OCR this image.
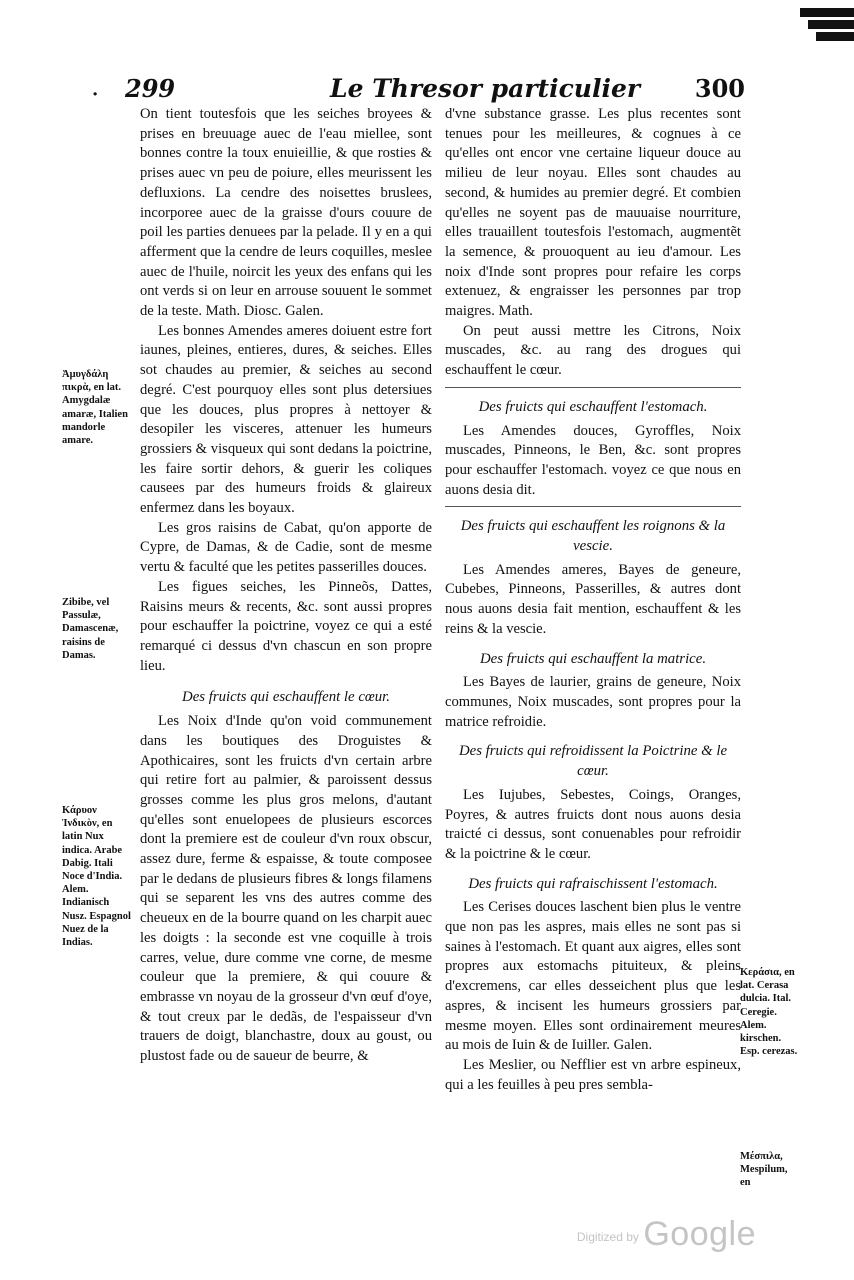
299	Le Thresor particulier 300
·

On tient toutesfois que les seiches broyees & prises en breuuage auec de l'eau miellee, sont bonnes contre la toux enuieillie, & que rosties & prises auec vn peu de poiure, elles meurissent les defluxions. La cendre des noisettes bruslees, incorporee auec de la graisse d'ours couure de poil les parties denuees par la pelade. Il y en a qui afferment que la cendre de leurs coquilles, meslee auec de l'huile, noircit les yeux des enfans qui les ont verds si on leur en arrouse souuent le sommet de la teste. Math. Diosc. Galen.

Les bonnes Amendes ameres doiuent estre fort iaunes, pleines, entieres, dures, & seiches. Elles sot chaudes au premier, & seiches au second degré. C'est pourquoy elles sont plus detersiues que les douces, plus propres à nettoyer & desopiler les visceres, attenuer les humeurs grossiers & visqueux qui sont dedans la poictrine, les faire sortir dehors, & guerir les coliques causees par des humeurs froids & glaireux enfermez dans les boyaux.

Les gros raisins de Cabat, qu'on apporte de Cypre, de Damas, & de Cadie, sont de mesme vertu & faculté que les petites passerilles douces.

Les figues seiches, les Pinneõs, Dattes, Raisins meurs & recents, &c. sont aussi propres pour eschauffer la poictrine, voyez ce qui a esté remarqué ci dessus d'vn chascun en son propre lieu.

Des fruicts qui eschauffent le cœur.

Les Noix d'Inde qu'on void communement dans les boutiques des Droguistes & Apothicaires, sont les fruicts d'vn certain arbre qui retire fort au palmier, & paroissent dessus grosses comme les plus gros melons, d'autant qu'elles sont enuelopees de plusieurs escorces dont la premiere est de couleur d'vn roux obscur, assez dure, ferme & espaisse, & toute composee par le dedans de plusieurs fibres & longs filamens qui se separent les vns des autres comme des cheueux en de la bourre quand on les charpit auec les doigts : la seconde est vne coquille à trois carres, velue, dure comme vne corne, de mesme couleur que la premiere, & qui couure & embrasse vn noyau de la grosseur d'vn œuf d'oye, & tout creux par le dedãs, de l'espaisseur d'vn trauers de doigt, blanchastre, doux au goust, ou plustost fade ou de saueur de beurre, &

d'vne substance grasse. Les plus recentes sont tenues pour les meilleures, & cognues à ce qu'elles ont encor vne certaine liqueur douce au milieu de leur noyau. Elles sont chaudes au second, & humides au premier degré. Et combien qu'elles ne soyent pas de mauuaise nourriture, elles trauaillent toutesfois l'estomach, augmentẽt la semence, & prouoquent au ieu d'amour. Les noix d'Inde sont propres pour refaire les corps extenuez, & engraisser les personnes par trop maigres. Math.

On peut aussi mettre les Citrons, Noix muscades, &c. au rang des drogues qui eschauffent le cœur.

Des fruicts qui eschauffent l'estomach.

Les Amendes douces, Gyroffles, Noix muscades, Pinneons, le Ben, &c. sont propres pour eschauffer l'estomach. voyez ce que nous en auons desia dit.

Des fruicts qui eschauffent les roignons & la vescie.

Les Amendes ameres, Bayes de geneure, Cubebes, Pinneons, Passerilles, & autres dont nous auons desia fait mention, eschauffent & les reins & la vescie.

Des fruicts qui eschauffent la matrice.

Les Bayes de laurier, grains de geneure, Noix communes, Noix muscades, sont propres pour la matrice refroidie.

Des fruicts qui refroidissent la Poictrine & le cœur.

Les Iujubes, Sebestes, Coings, Oranges, Poyres, & autres fruicts dont nous auons desia traicté ci dessus, sont conuenables pour refroidir & la poictrine & le cœur.

Des fruicts qui rafraischissent l'estomach.

Les Cerises douces laschent bien plus le ventre que non pas les aspres, mais elles ne sont pas si saines à l'estomach. Et quant aux aigres, elles sont propres aux estomachs pituiteux, & pleins d'excremens, car elles desseichent plus que les aspres, & incisent les humeurs grossiers par mesme moyen. Elles sont ordinairement meures au mois de Iuin & de Iuiller. Galen.

Les Meslier, ou Nefflier est vn arbre espineux, qui a les feuilles à peu pres sembla-

Ἀμυγδάλη πικρὰ, en lat. Amygdalæ amaræ, Italien mandorle amare.
Zibibe, vel Passulæ, Damascenæ, raisins de Damas.
Κάρυον Ἰνδικὸν, en latin Nux indica. Arabe Dabig. Itali Noce d'India. Alem. Indianisch Nusz. Espagnol Nuez de la Indias.
Κεράσια, en lat. Cerasa dulcia. Ital. Ceregie. Alem. kirschen. Esp. cerezas.
Μέσπιλα, Mespilum, en
$^{Digitized by}$ Google
